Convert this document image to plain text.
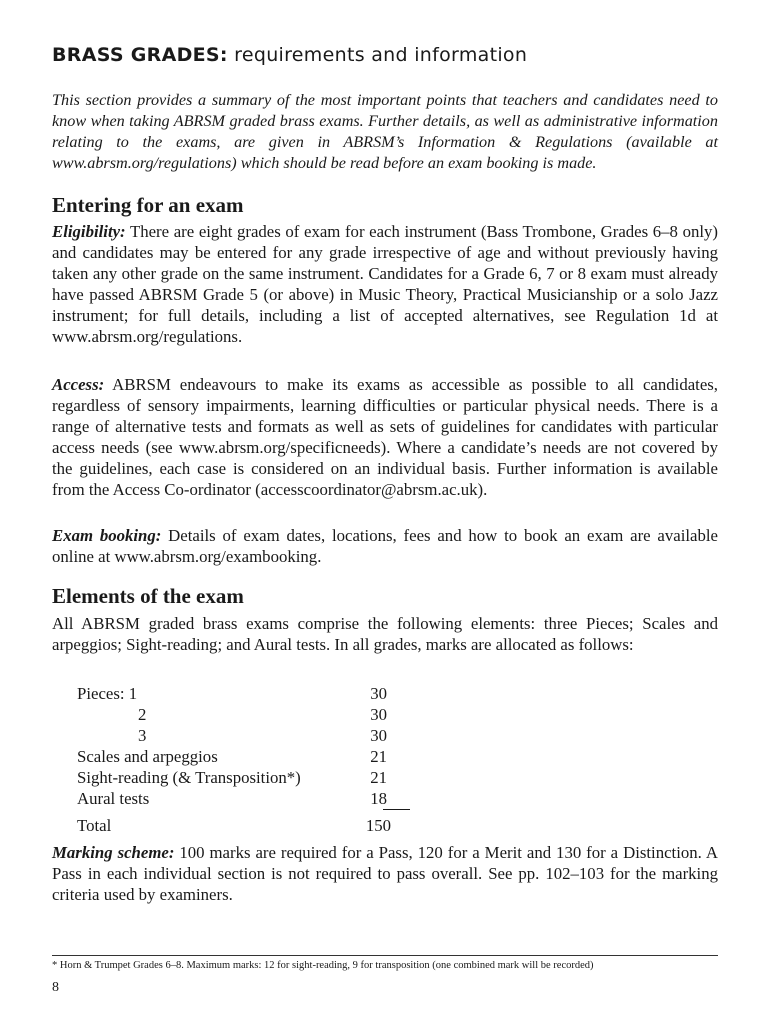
BRASS GRADES: requirements and information

This section provides a summary of the most important points that teachers and candidates need to know when taking ABRSM graded brass exams. Further details, as well as administrative information relating to the exams, are given in ABRSM’s Information & Regulations (available at www.abrsm.org/regulations) which should be read before an exam booking is made.

Entering for an exam

Eligibility: There are eight grades of exam for each instrument (Bass Trombone, Grades 6–8 only) and candidates may be entered for any grade irrespective of age and without previously having taken any other grade on the same instrument. Candidates for a Grade 6, 7 or 8 exam must already have passed ABRSM Grade 5 (or above) in Music Theory, Practical Musicianship or a solo Jazz instrument; for full details, including a list of accepted alternatives, see Regulation 1d at www.abrsm.org/regulations.

Access: ABRSM endeavours to make its exams as accessible as possible to all candidates, regardless of sensory impairments, learning difficulties or particular physical needs. There is a range of alternative tests and formats as well as sets of guidelines for candidates with particular access needs (see www.abrsm.org/specificneeds). Where a candidate’s needs are not covered by the guidelines, each case is considered on an individual basis. Further information is available from the Access Co-ordinator (accesscoordinator@abrsm.ac.uk).

Exam booking: Details of exam dates, locations, fees and how to book an exam are available online at www.abrsm.org/exambooking.

Elements of the exam

All ABRSM graded brass exams comprise the following elements: three Pieces; Scales and arpeggios; Sight-reading; and Aural tests. In all grades, marks are allocated as follows:

Pieces: 1	30
2	30
3	30
Scales and arpeggios	21
Sight-reading (& Transposition*)	21
Aural tests	18
Total	150

Marking scheme: 100 marks are required for a Pass, 120 for a Merit and 130 for a Distinction. A Pass in each individual section is not required to pass overall. See pp. 102–103 for the marking criteria used by examiners.

* Horn & Trumpet Grades 6–8. Maximum marks: 12 for sight-reading, 9 for transposition (one combined mark will be recorded)
8
